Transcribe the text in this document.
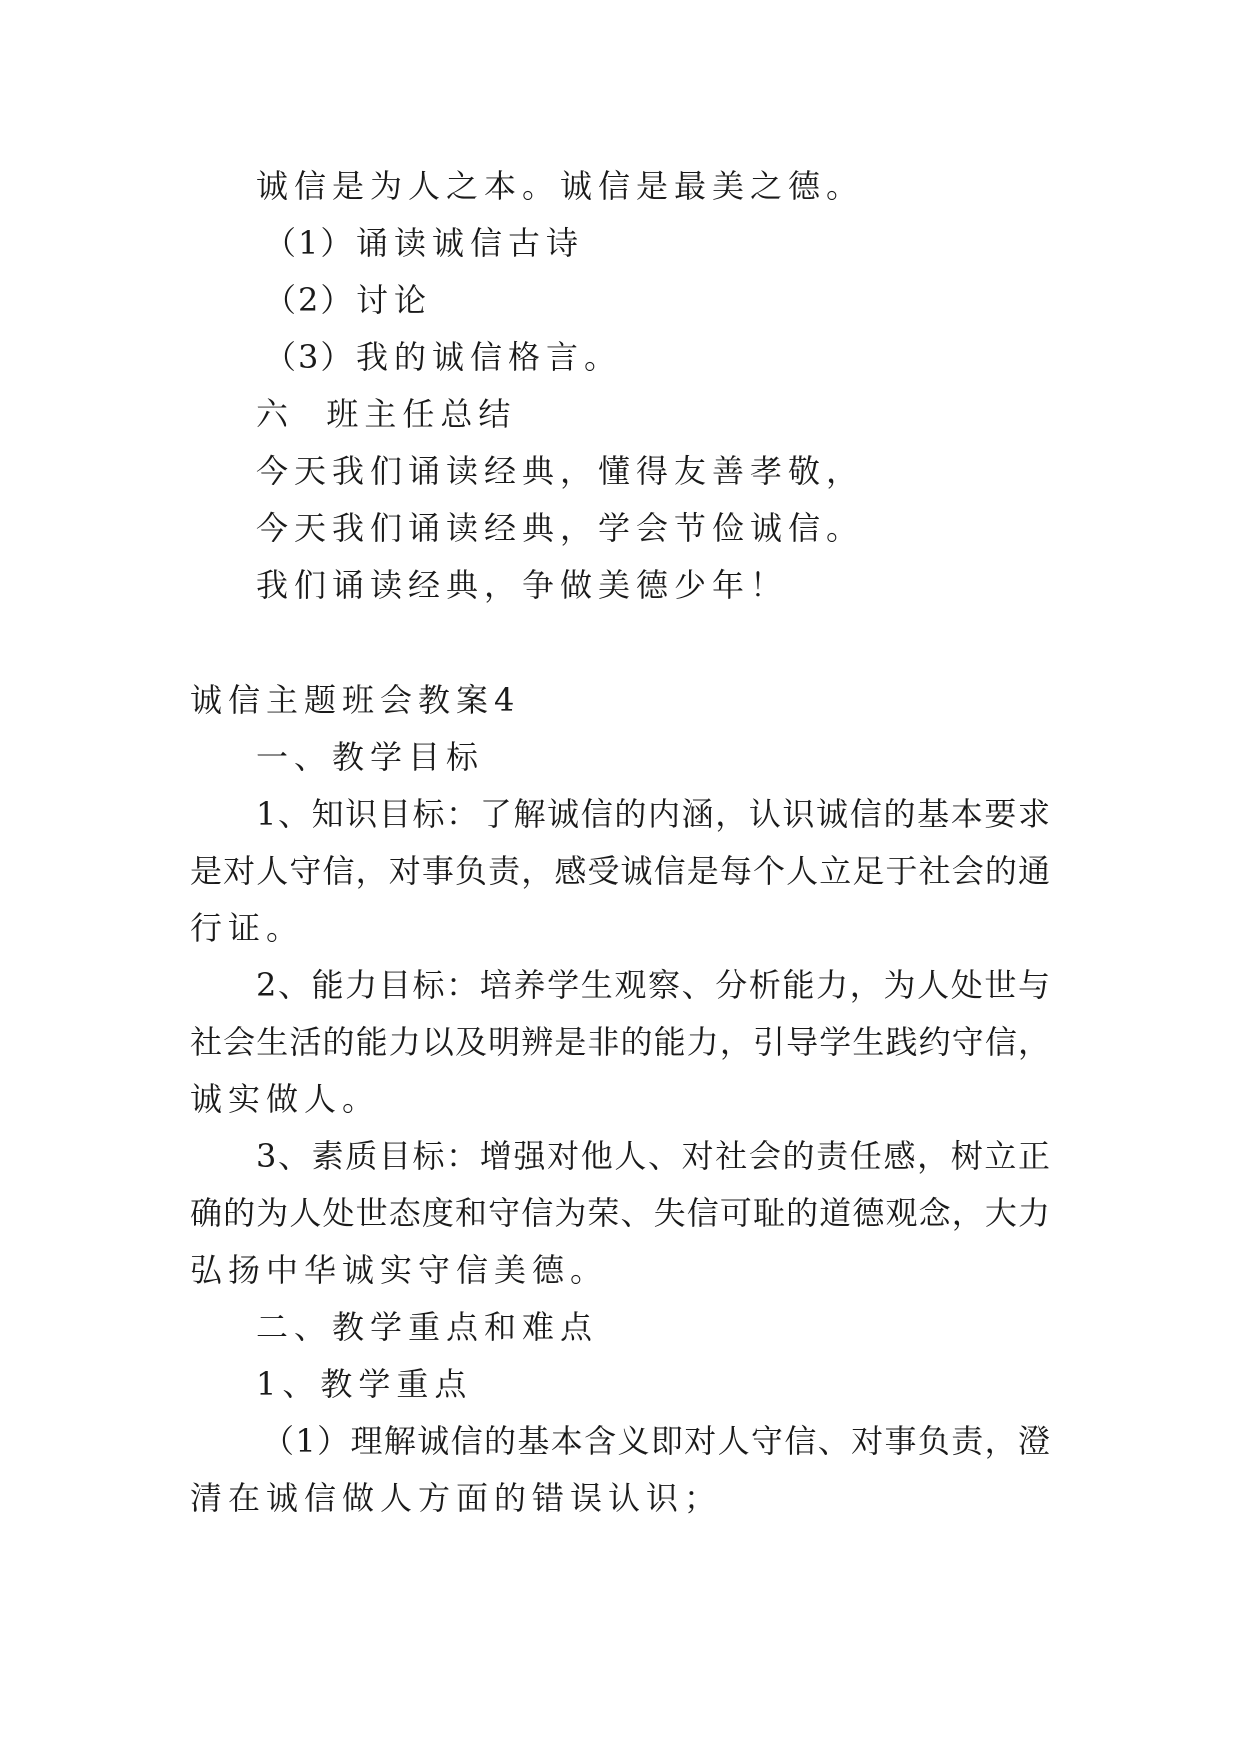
诚信是为人之本。诚信是最美之德。
（1）诵读诚信古诗
（2）讨论
（3）我的诚信格言。
六  班主任总结
今天我们诵读经典，懂得友善孝敬，
今天我们诵读经典，学会节俭诚信。
我们诵读经典，争做美德少年！
诚信主题班会教案4
一、教学目标
1、知识目标：了解诚信的内涵，认识诚信的基本要求
是对人守信，对事负责，感受诚信是每个人立足于社会的通
行证。
2、能力目标：培养学生观察、分析能力，为人处世与
社会生活的能力以及明辨是非的能力，引导学生践约守信，
诚实做人。
3、素质目标：增强对他人、对社会的责任感，树立正
确的为人处世态度和守信为荣、失信可耻的道德观念，大力
弘扬中华诚实守信美德。
二、教学重点和难点
1、教学重点
（1）理解诚信的基本含义即对人守信、对事负责，澄
清在诚信做人方面的错误认识；
